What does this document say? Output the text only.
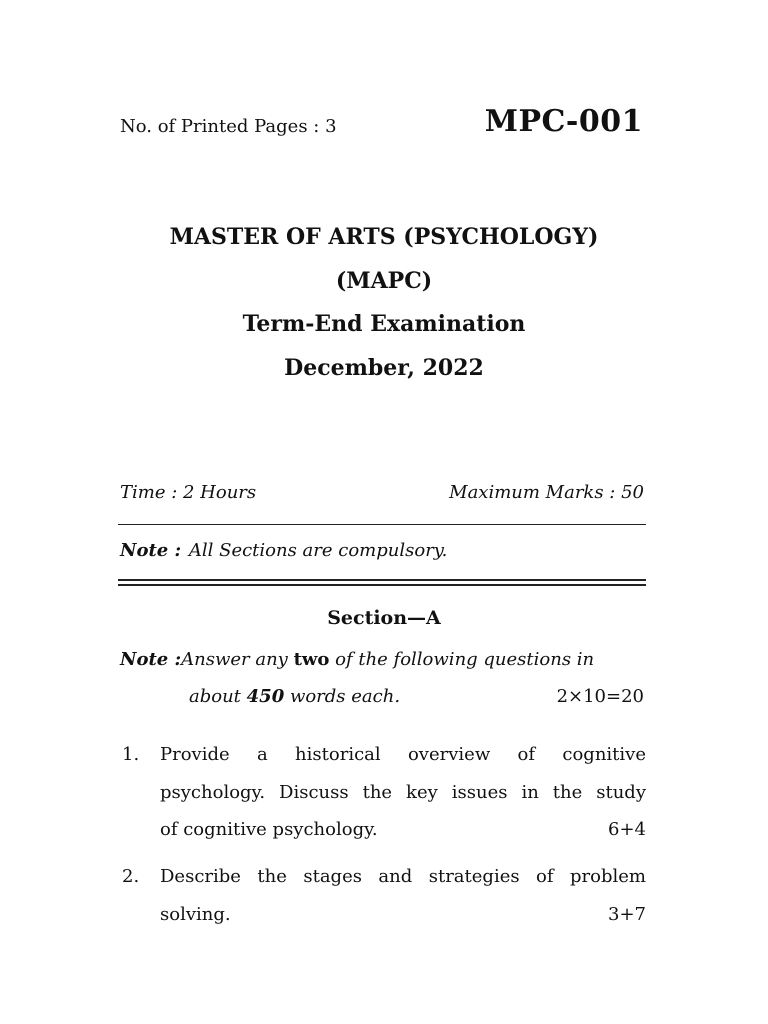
No. of Printed Pages : 3	MPC-001
MASTER OF ARTS (PSYCHOLOGY)
(MAPC)
Term-End Examination
December, 2022
Time : 2 Hours	Maximum Marks : 50
Note : All Sections are compulsory.
Section—A
Note :Answer any two of the following questions in
about 450 words each.	2×10=20
1. Provide a historical overview of cognitive
psychology. Discuss the key issues in the study
of cognitive psychology.	6+4
2. Describe the stages and strategies of problem
solving.	3+7
